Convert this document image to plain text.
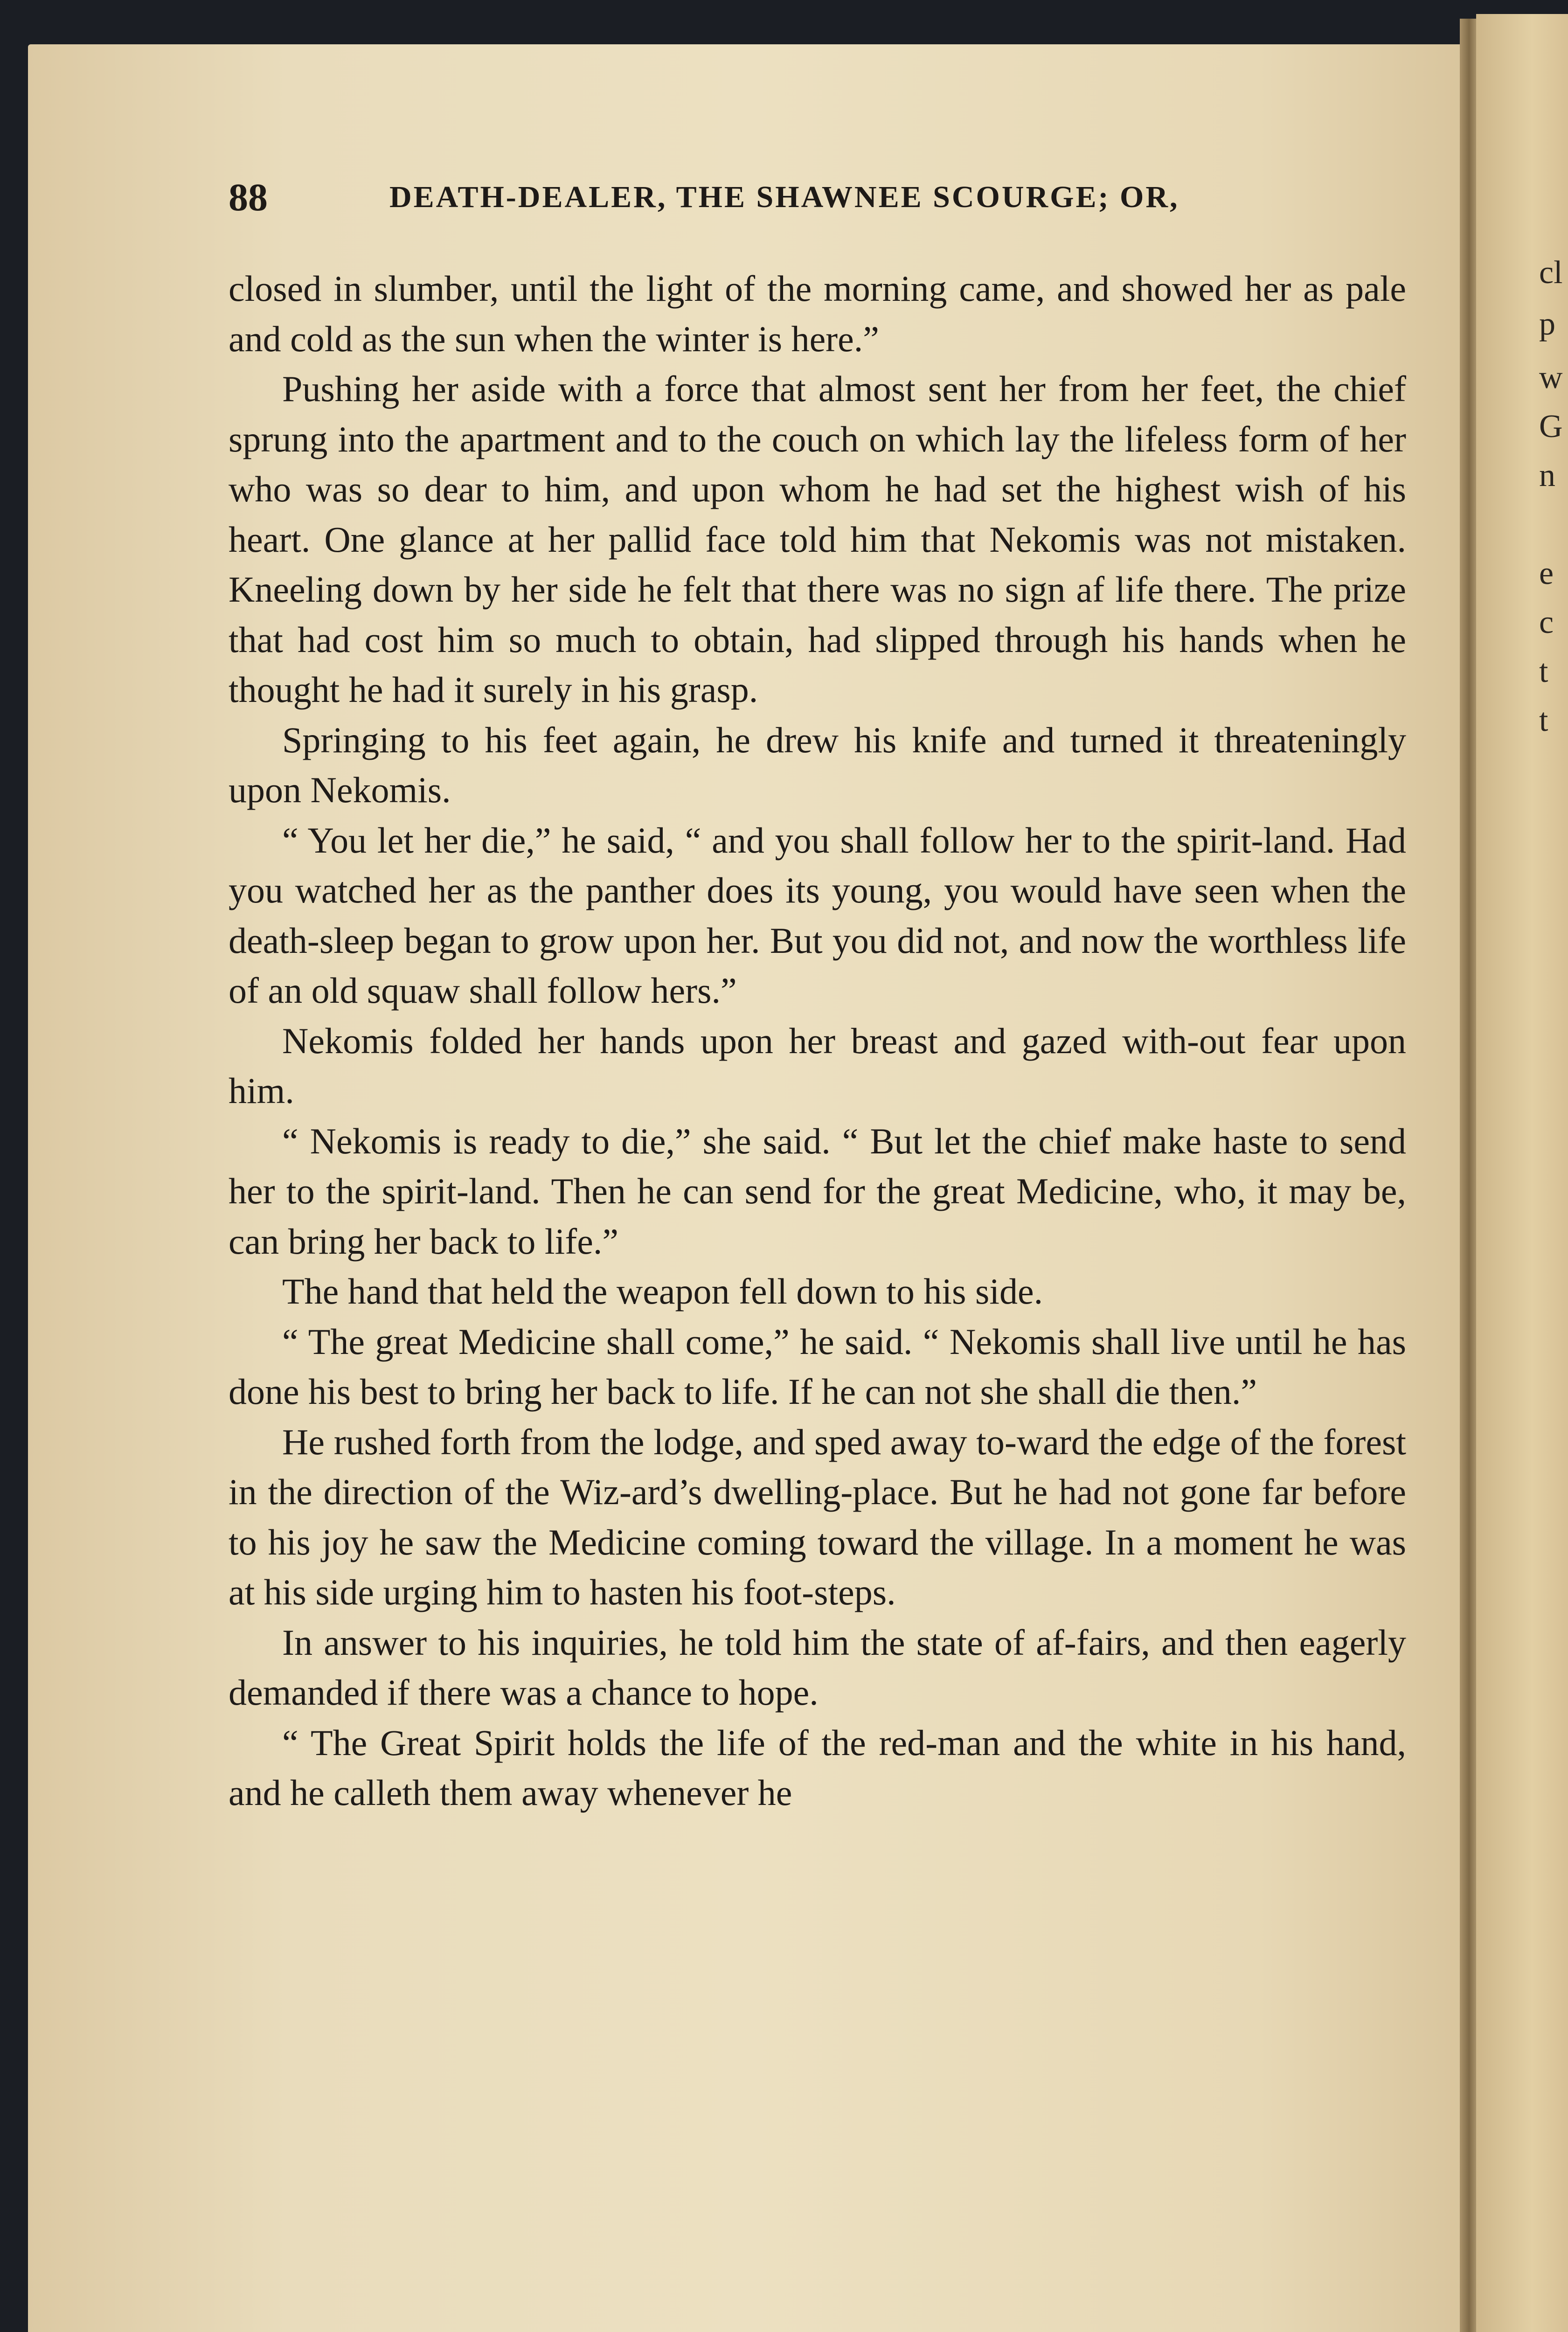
cl
p
w
G
n
e
c
t
t
88	DEATH-DEALER, THE SHAWNEE SCOURGE; OR,

closed in slumber, until the light of the morning came, and showed her as pale and cold as the sun when the winter is here.”

Pushing her aside with a force that almost sent her from her feet, the chief sprung into the apartment and to the couch on which lay the lifeless form of her who was so dear to him, and upon whom he had set the highest wish of his heart. One glance at her pallid face told him that Nekomis was not mistaken. Kneeling down by her side he felt that there was no sign af life there. The prize that had cost him so much to obtain, had slipped through his hands when he thought he had it surely in his grasp.

Springing to his feet again, he drew his knife and turned it threateningly upon Nekomis.

“ You let her die,” he said, “ and you shall follow her to the spirit-land. Had you watched her as the panther does its young, you would have seen when the death-sleep began to grow upon her. But you did not, and now the worthless life of an old squaw shall follow hers.”

Nekomis folded her hands upon her breast and gazed with-out fear upon him.

“ Nekomis is ready to die,” she said. “ But let the chief make haste to send her to the spirit-land. Then he can send for the great Medicine, who, it may be, can bring her back to life.”

The hand that held the weapon fell down to his side.

“ The great Medicine shall come,” he said. “ Nekomis shall live until he has done his best to bring her back to life. If he can not she shall die then.”

He rushed forth from the lodge, and sped away to-ward the edge of the forest in the direction of the Wiz-ard’s dwelling-place. But he had not gone far before to his joy he saw the Medicine coming toward the village. In a moment he was at his side urging him to hasten his foot-steps.

In answer to his inquiries, he told him the state of af-fairs, and then eagerly demanded if there was a chance to hope.

“ The Great Spirit holds the life of the red-man and the white in his hand, and he calleth them away whenever he
